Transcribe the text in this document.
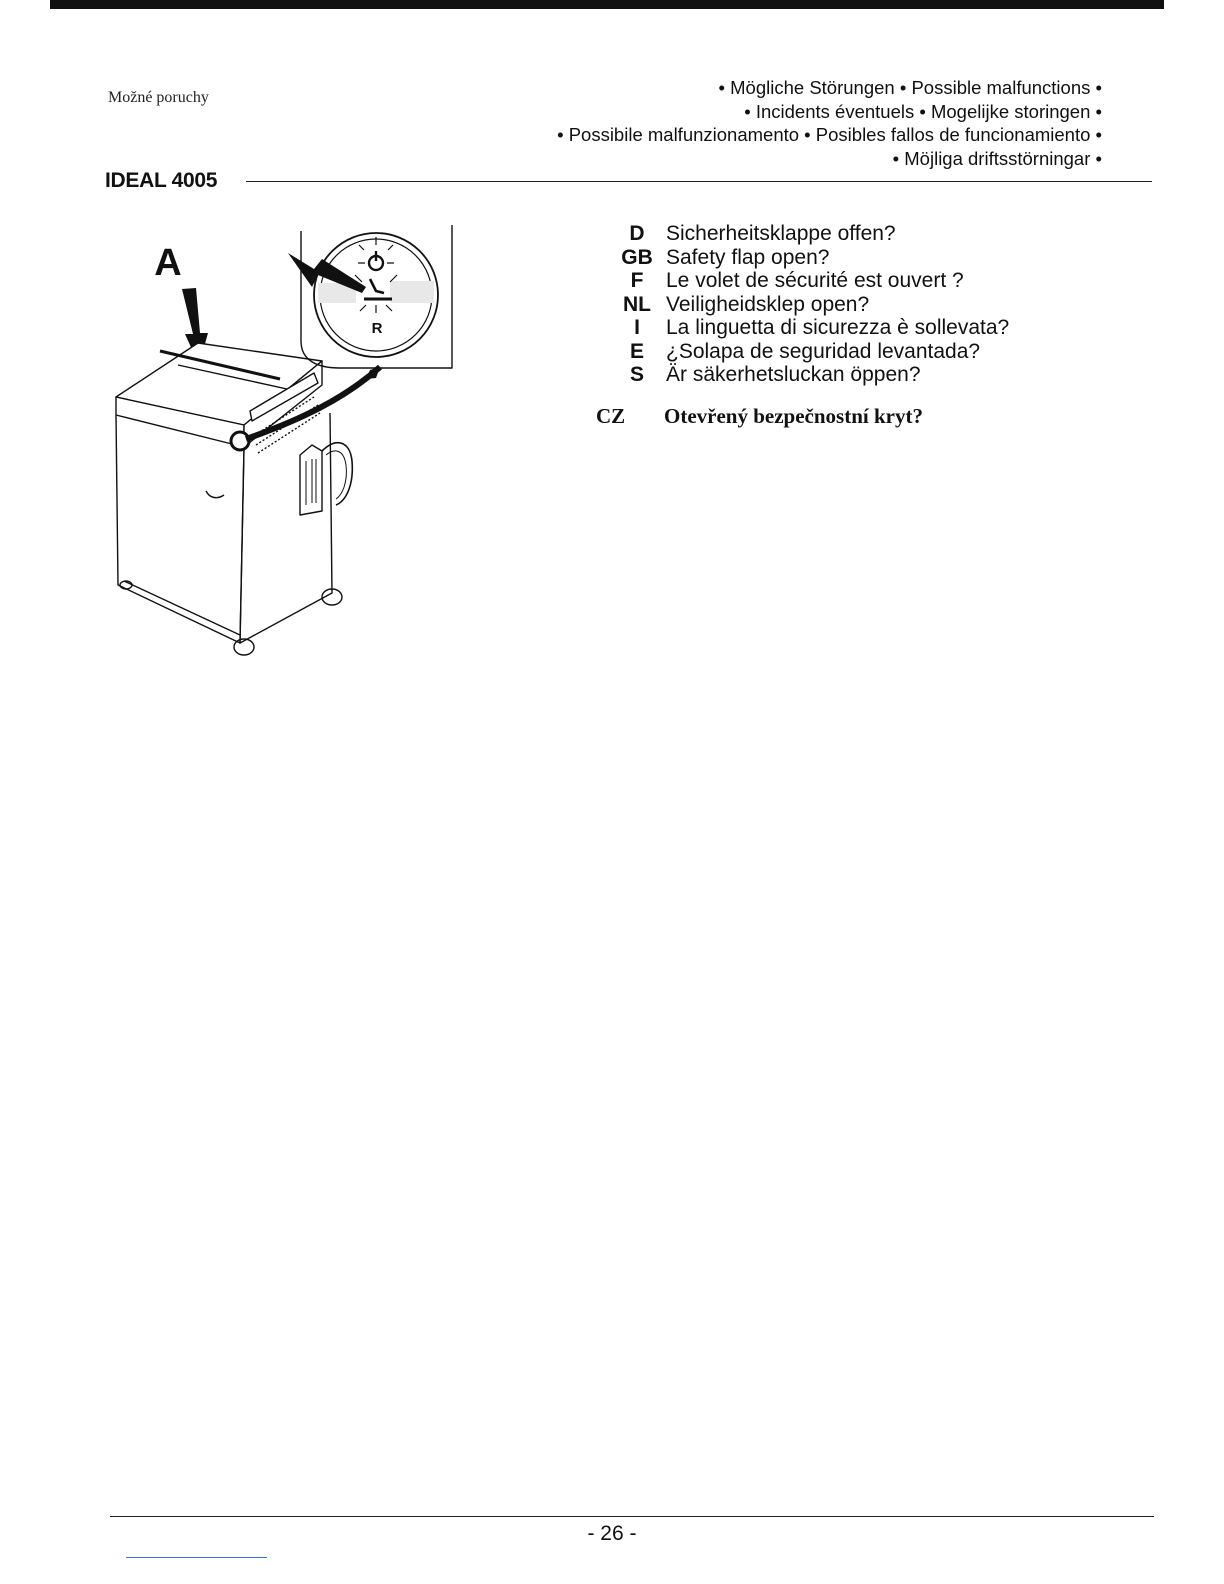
Možné poruchy	• Mögliche Störungen • Possible malfunctions •
• Incidents éventuels • Mogelijke storingen •
• Possibile malfunzionamento • Posibles fallos de funcionamiento •
• Möjliga driftsstörningar •
IDEAL 4005
A
R
D	Sicherheitsklappe offen?
GB	Safety flap open?
F	Le volet de sécurité est ouvert ?
NL	Veiligheidsklep open?
I	La linguetta di sicurezza è sollevata?
E	¿Solapa de seguridad levantada?
S	Är säkerhetsluckan öppen?
CZ Otevřený bezpečnostní kryt?
- 26 -
